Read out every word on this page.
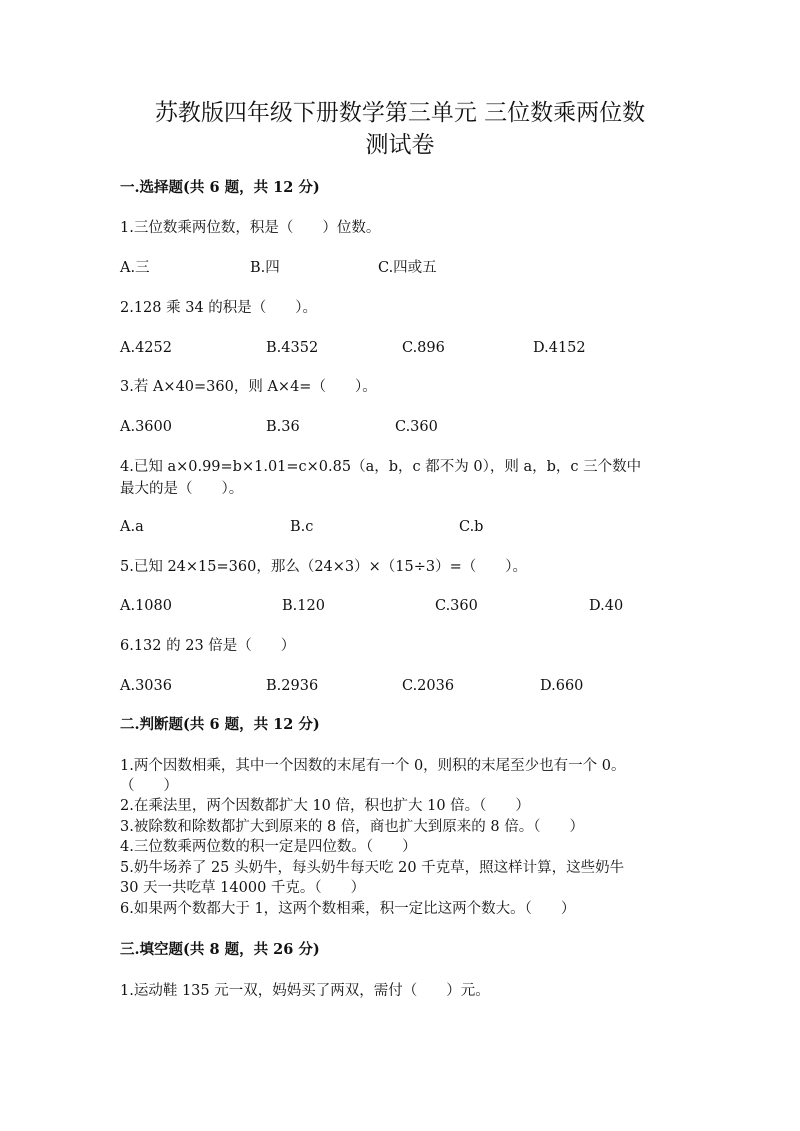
苏教版四年级下册数学第三单元 三位数乘两位数
测试卷
一.选择题(共 6 题，共 12 分)
1.三位数乘两位数，积是（　　）位数。
A.三	B.四	C.四或五
2.128 乘 34 的积是（　　）。
A.4252	B.4352	C.896	D.4152
3.若 A×40=360，则 A×4=（　　）。
A.3600	B.36	C.360
4.已知 a×0.99=b×1.01=c×0.85（a，b，c 都不为 0），则 a，b，c 三个数中
最大的是（　　）。
A.a	B.c	C.b
5.已知 24×15=360，那么（24×3）×（15÷3）=（　　）。
A.1080	B.120	C.360	D.40
6.132 的 23 倍是（　　）
A.3036	B.2936	C.2036	D.660
二.判断题(共 6 题，共 12 分)
1.两个因数相乘，其中一个因数的末尾有一个 0，则积的末尾至少也有一个 0。
（　　）
2.在乘法里，两个因数都扩大 10 倍，积也扩大 10 倍。（　　）
3.被除数和除数都扩大到原来的 8 倍，商也扩大到原来的 8 倍。（　　）
4.三位数乘两位数的积一定是四位数。（　　）
5.奶牛场养了 25 头奶牛，每头奶牛每天吃 20 千克草，照这样计算，这些奶牛
30 天一共吃草 14000 千克。（　　）
6.如果两个数都大于 1，这两个数相乘，积一定比这两个数大。（　　）
三.填空题(共 8 题，共 26 分)
1.运动鞋 135 元一双，妈妈买了两双，需付（　　）元。
